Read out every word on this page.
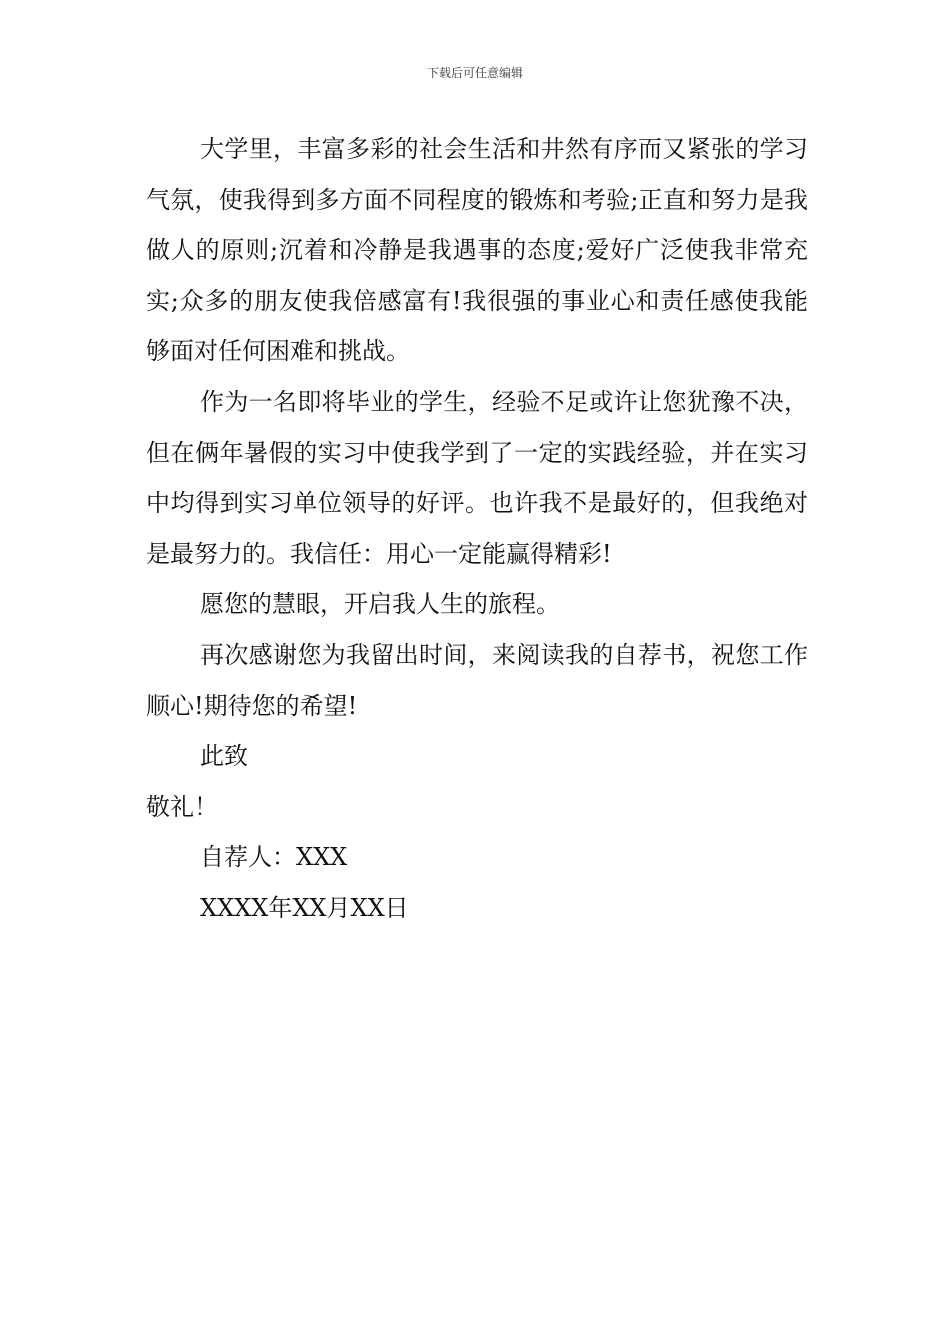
下载后可任意编辑

大学里，丰富多彩的社会生活和井然有序而又紧张的学习气氛，使我得到多方面不同程度的锻炼和考验;正直和努力是我做人的原则;沉着和冷静是我遇事的态度;爱好广泛使我非常充实;众多的朋友使我倍感富有!我很强的事业心和责任感使我能够面对任何困难和挑战。

作为一名即将毕业的学生，经验不足或许让您犹豫不决，但在俩年暑假的实习中使我学到了一定的实践经验，并在实习中均得到实习单位领导的好评。也许我不是最好的，但我绝对是最努力的。我信任：用心一定能赢得精彩!

愿您的慧眼，开启我人生的旅程。

再次感谢您为我留出时间，来阅读我的自荐书，祝您工作顺心!期待您的希望!

此致

敬礼！

自荐人：XXX

XXXX年XX月XX日
